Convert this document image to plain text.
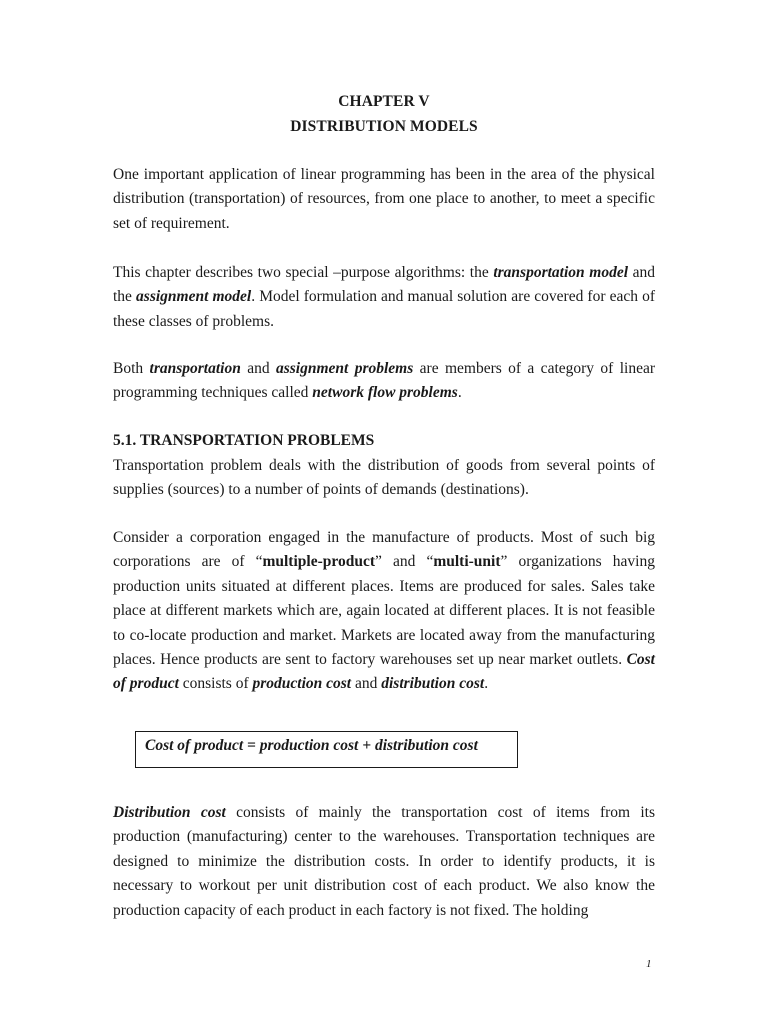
CHAPTER V
DISTRIBUTION MODELS
One important application of linear programming has been in the area of the physical distribution (transportation) of resources, from one place to another, to meet a specific set of requirement.
This chapter describes two special –purpose algorithms: the transportation model and the assignment model. Model formulation and manual solution are covered for each of these classes of problems.
Both transportation and assignment problems are members of a category of linear programming techniques called network flow problems.
5.1. TRANSPORTATION PROBLEMS
Transportation problem deals with the distribution of goods from several points of supplies (sources) to a number of points of demands (destinations).
Consider a corporation engaged in the manufacture of products. Most of such big corporations are of “multiple-product” and “multi-unit” organizations having production units situated at different places. Items are produced for sales. Sales take place at different markets which are, again located at different places. It is not feasible to co-locate production and market. Markets are located away from the manufacturing places. Hence products are sent to factory warehouses set up near market outlets. Cost of product consists of production cost and distribution cost.
Cost of product = production cost + distribution cost
Distribution cost consists of mainly the transportation cost of items from its production (manufacturing) center to the warehouses. Transportation techniques are designed to minimize the distribution costs. In order to identify products, it is necessary to workout per unit distribution cost of each product. We also know the production capacity of each product in each factory is not fixed. The holding
1
